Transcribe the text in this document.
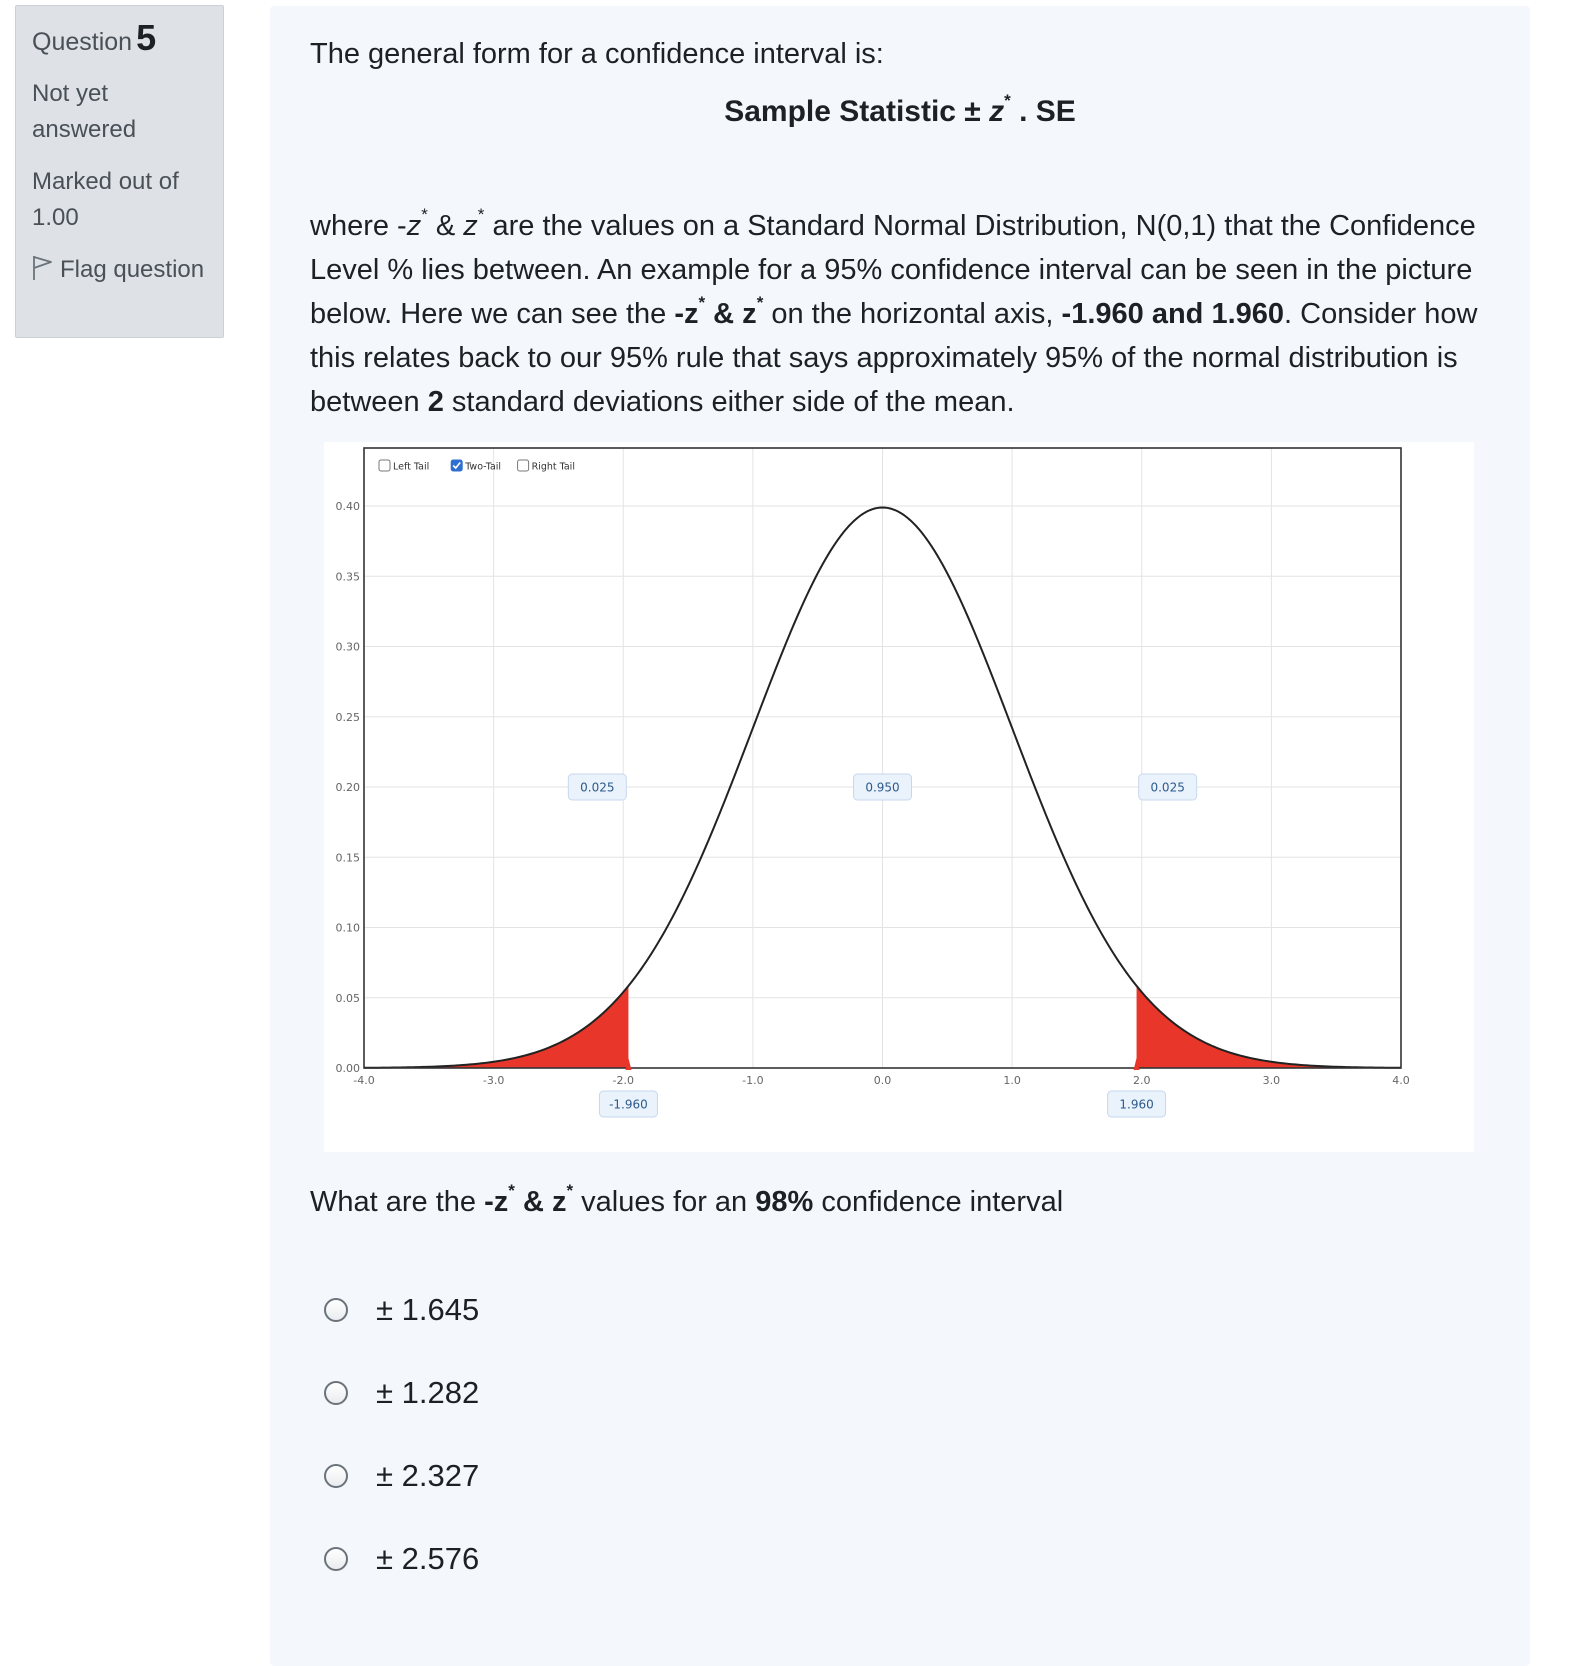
Question 5
Not yet answered
Marked out of 1.00
Flag question

The general form for a confidence interval is:

Sample Statistic ± z* . SE

where -z* & z* are the values on a Standard Normal Distribution, N(0,1) that the Confidence Level % lies between. An example for a 95% confidence interval can be seen in the picture below. Here we can see the -z* & z* on the horizontal axis, -1.960 and 1.960. Consider how this relates back to our 95% rule that says approximately 95% of the normal distribution is between 2 standard deviations either side of the mean.

0.00
0.05
0.10
0.15
0.20
0.25
0.30
0.35
0.40
-4.0	-3.0	-2.0	-1.0	0.0	1.0	2.0	3.0	4.0
0.025	0.950	0.025
-1.960	1.960
Left Tail	Two-Tail	Right Tail

What are the -z* & z* values for an 98% confidence interval

± 1.645
± 1.282
± 2.327
± 2.576
